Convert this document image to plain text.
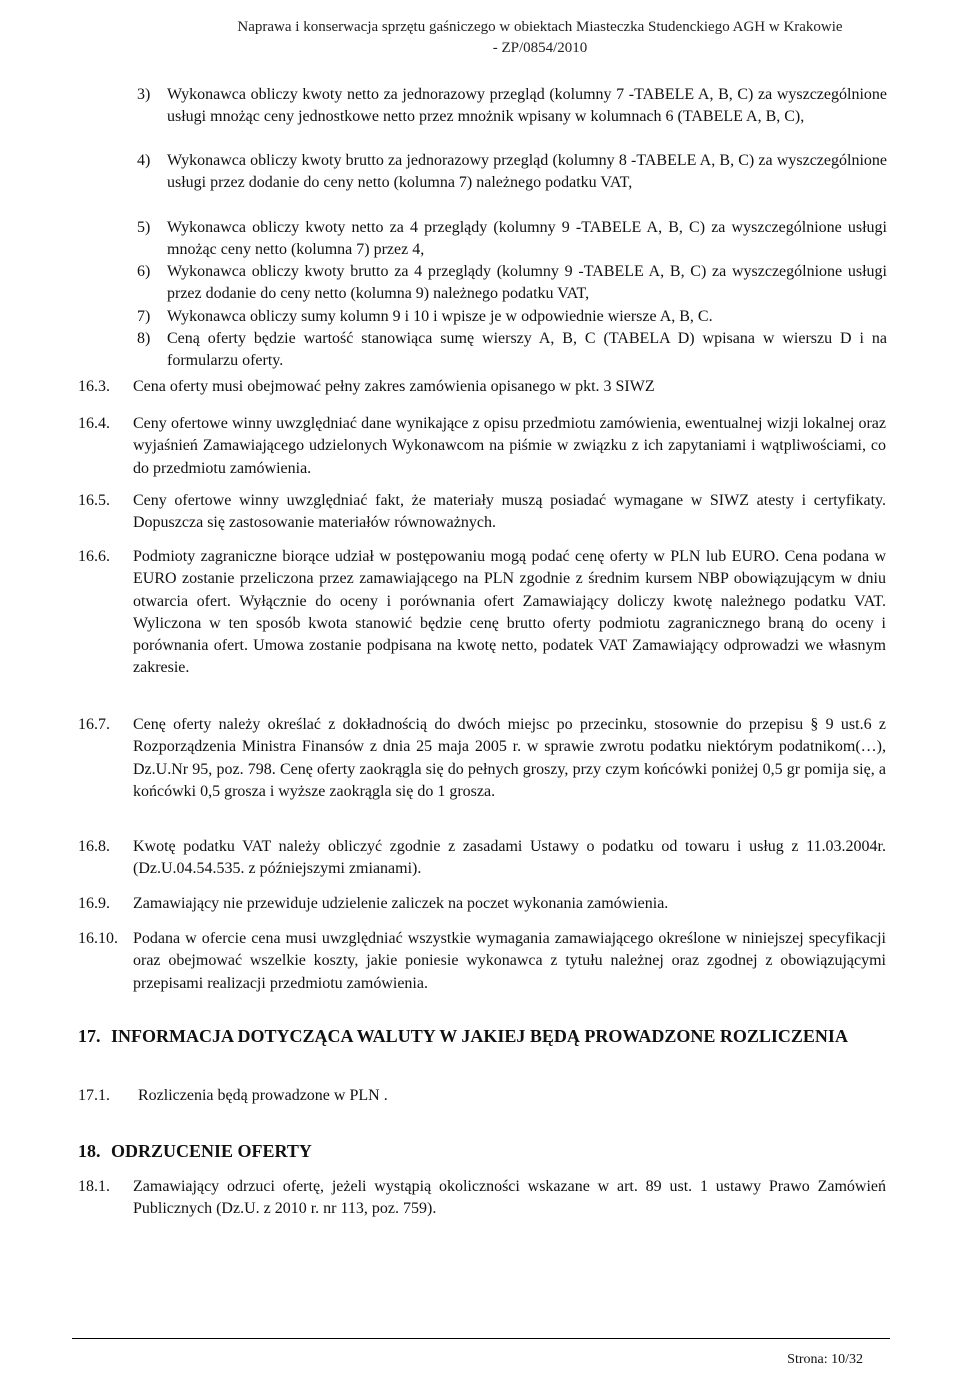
Naprawa i konserwacja sprzętu gaśniczego w obiektach Miasteczka Studenckiego AGH w Krakowie
- ZP/0854/2010
3) Wykonawca obliczy kwoty netto za jednorazowy przegląd (kolumny 7 -TABELE A, B, C) za wyszczególnione usługi mnożąc ceny jednostkowe netto przez mnożnik wpisany w kolumnach 6 (TABELE A, B, C),
4) Wykonawca obliczy kwoty brutto za jednorazowy przegląd (kolumny 8 -TABELE A, B, C) za wyszczególnione usługi przez dodanie do ceny netto (kolumna 7) należnego podatku VAT,
5) Wykonawca obliczy kwoty netto za 4 przeglądy (kolumny 9 -TABELE A, B, C) za wyszczególnione usługi mnożąc ceny netto (kolumna 7) przez 4,
6) Wykonawca obliczy kwoty brutto za 4 przeglądy (kolumny 9 -TABELE A, B, C) za wyszczególnione usługi przez dodanie do ceny netto (kolumna 9) należnego podatku VAT,
7) Wykonawca obliczy sumy kolumn 9 i 10 i wpisze je w odpowiednie wiersze A, B, C.
8) Ceną oferty będzie wartość stanowiąca sumę wierszy A, B, C (TABELA D) wpisana w wierszu D i na formularzu oferty.
16.3. Cena oferty musi obejmować pełny zakres zamówienia opisanego w pkt. 3 SIWZ
16.4. Ceny ofertowe winny uwzględniać dane wynikające z opisu przedmiotu zamówienia, ewentualnej wizji lokalnej oraz wyjaśnień Zamawiającego udzielonych Wykonawcom na piśmie w związku z ich zapytaniami i wątpliwościami, co do przedmiotu zamówienia.
16.5. Ceny ofertowe winny uwzględniać fakt, że materiały muszą posiadać wymagane w SIWZ atesty i certyfikaty. Dopuszcza się zastosowanie materiałów równoważnych.
16.6. Podmioty zagraniczne biorące udział w postępowaniu mogą podać cenę oferty w PLN lub EURO. Cena podana w EURO zostanie przeliczona przez zamawiającego na PLN zgodnie z średnim kursem NBP obowiązującym w dniu otwarcia ofert. Wyłącznie do oceny i porównania ofert Zamawiający doliczy kwotę należnego podatku VAT. Wyliczona w ten sposób kwota stanowić będzie cenę brutto oferty podmiotu zagranicznego braną do oceny i porównania ofert. Umowa zostanie podpisana na kwotę netto, podatek VAT Zamawiający odprowadzi we własnym zakresie.
16.7. Cenę oferty należy określać z dokładnością do dwóch miejsc po przecinku, stosownie do przepisu § 9 ust.6 z Rozporządzenia Ministra Finansów z dnia 25 maja 2005 r. w sprawie zwrotu podatku niektórym podatnikom(…), Dz.U.Nr 95, poz. 798. Cenę oferty zaokrągla się do pełnych groszy, przy czym końcówki poniżej 0,5 gr pomija się, a końcówki 0,5 grosza i wyższe zaokrągla się do 1 grosza.
16.8. Kwotę podatku VAT należy obliczyć zgodnie z zasadami Ustawy o podatku od towaru i usług z 11.03.2004r. (Dz.U.04.54.535. z późniejszymi zmianami).
16.9. Zamawiający nie przewiduje udzielenie zaliczek na poczet wykonania zamówienia.
16.10. Podana w ofercie cena musi uwzględniać wszystkie wymagania zamawiającego określone w niniejszej specyfikacji oraz obejmować wszelkie koszty, jakie poniesie wykonawca z tytułu należnej oraz zgodnej z obowiązującymi przepisami realizacji przedmiotu zamówienia.
17. INFORMACJA DOTYCZĄCA WALUTY W JAKIEJ BĘDĄ PROWADZONE ROZLICZENIA
17.1. Rozliczenia będą prowadzone w PLN .
18. ODRZUCENIE OFERTY
18.1. Zamawiający odrzuci ofertę, jeżeli wystąpią okoliczności wskazane w art. 89 ust. 1 ustawy Prawo Zamówień Publicznych (Dz.U. z 2010 r. nr 113, poz. 759).
Strona: 10/32
